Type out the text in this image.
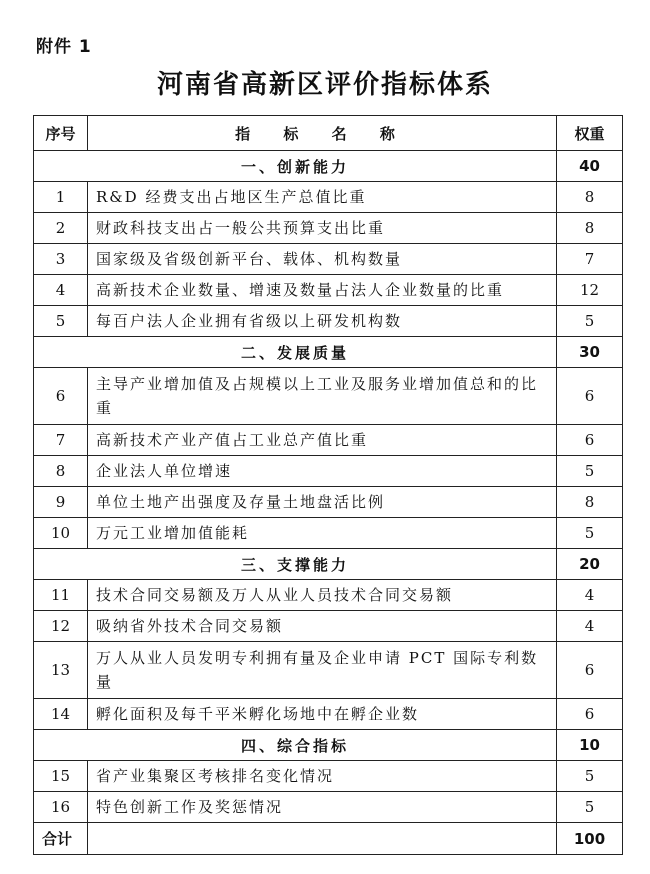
附件 1
河南省高新区评价指标体系
序号	指 标 名 称	权重
一、创新能力		40
1	R&D 经费支出占地区生产总值比重	8
2	财政科技支出占一般公共预算支出比重	8
3	国家级及省级创新平台、载体、机构数量	7
4	高新技术企业数量、增速及数量占法人企业数量的比重	12
5	每百户法人企业拥有省级以上研发机构数	5
二、发展质量		30
6	主导产业增加值及占规模以上工业及服务业增加值总和的比重	6
7	高新技术产业产值占工业总产值比重	6
8	企业法人单位增速	5
9	单位土地产出强度及存量土地盘活比例	8
10	万元工业增加值能耗	5
三、支撑能力		20
11	技术合同交易额及万人从业人员技术合同交易额	4
12	吸纳省外技术合同交易额	4
13	万人从业人员发明专利拥有量及企业申请 PCT 国际专利数量	6
14	孵化面积及每千平米孵化场地中在孵企业数	6
四、综合指标		10
15	省产业集聚区考核排名变化情况	5
16	特色创新工作及奖惩情况	5
合计		100
